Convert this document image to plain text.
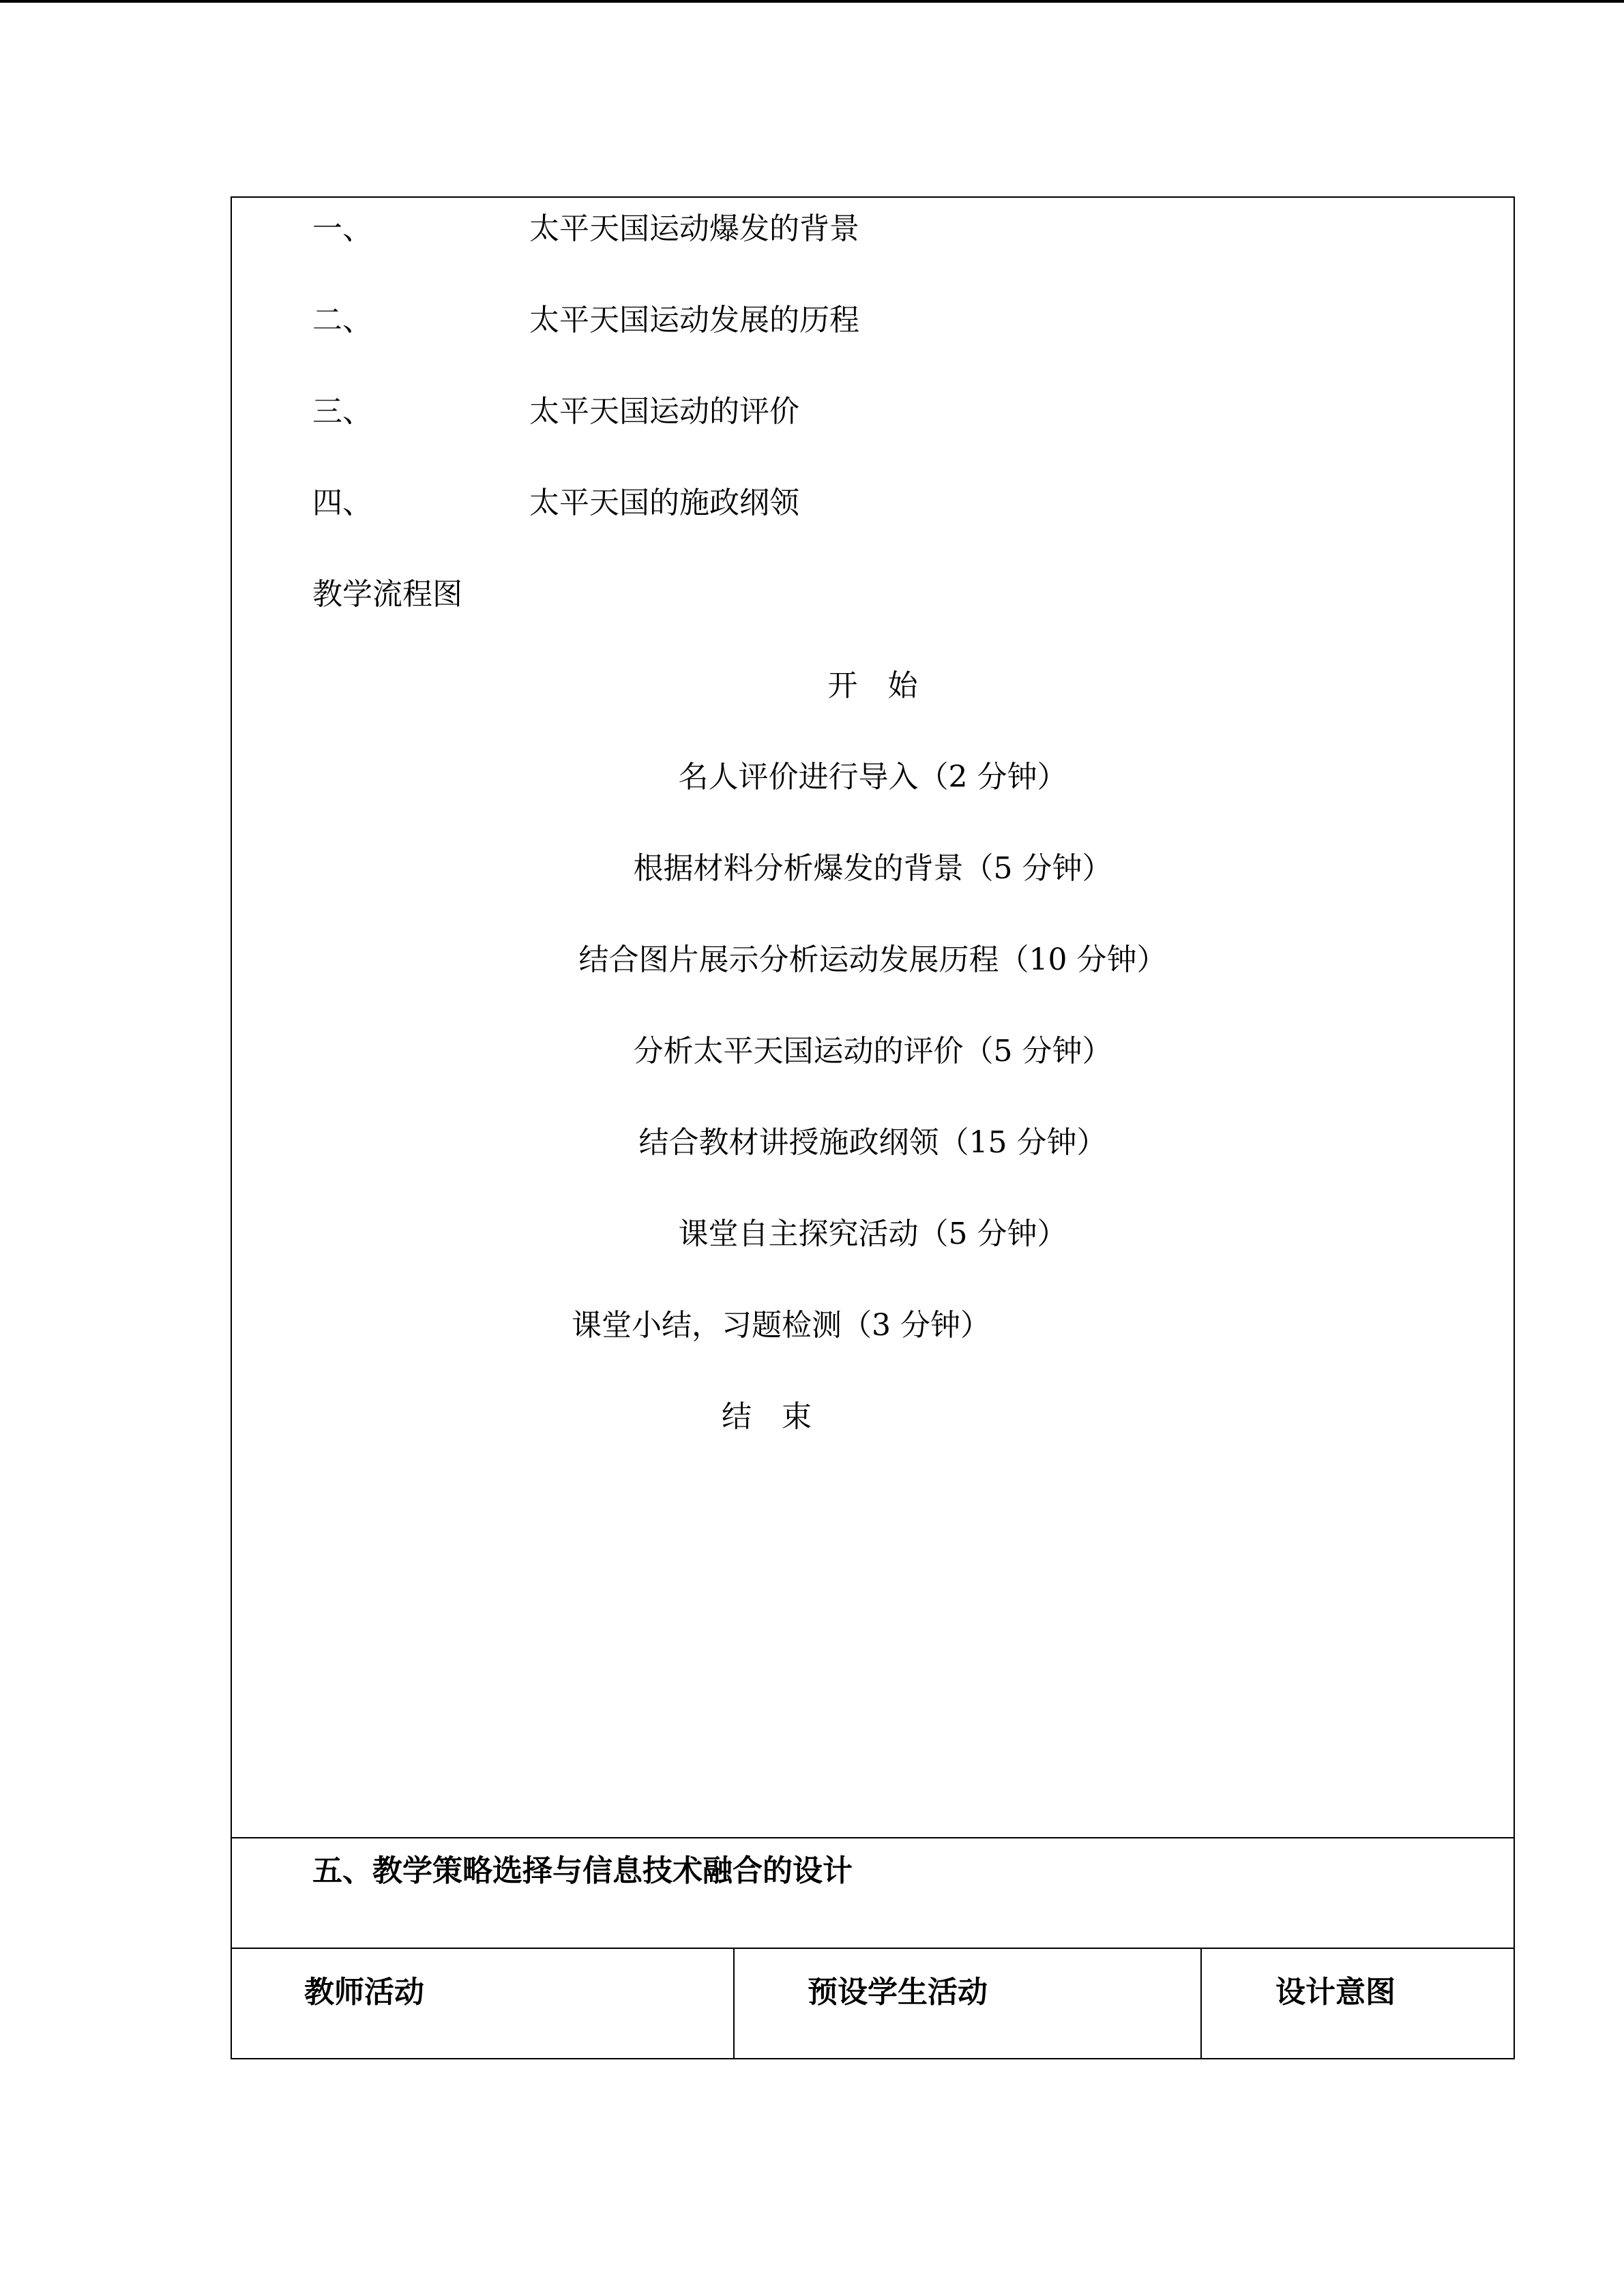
一、	太平天国运动爆发的背景
二、	太平天国运动发展的历程
三、	太平天国运动的评价
四、	太平天国的施政纲领
教学流程图
开　始
名人评价进行导入（2 分钟）
根据材料分析爆发的背景（5 分钟）
结合图片展示分析运动发展历程（10 分钟）
分析太平天国运动的评价（5 分钟）
结合教材讲授施政纲领（15 分钟）
课堂自主探究活动（5 分钟）
课堂小结，习题检测（3 分钟）
结　束
五、教学策略选择与信息技术融合的设计
教师活动	预设学生活动	设计意图
